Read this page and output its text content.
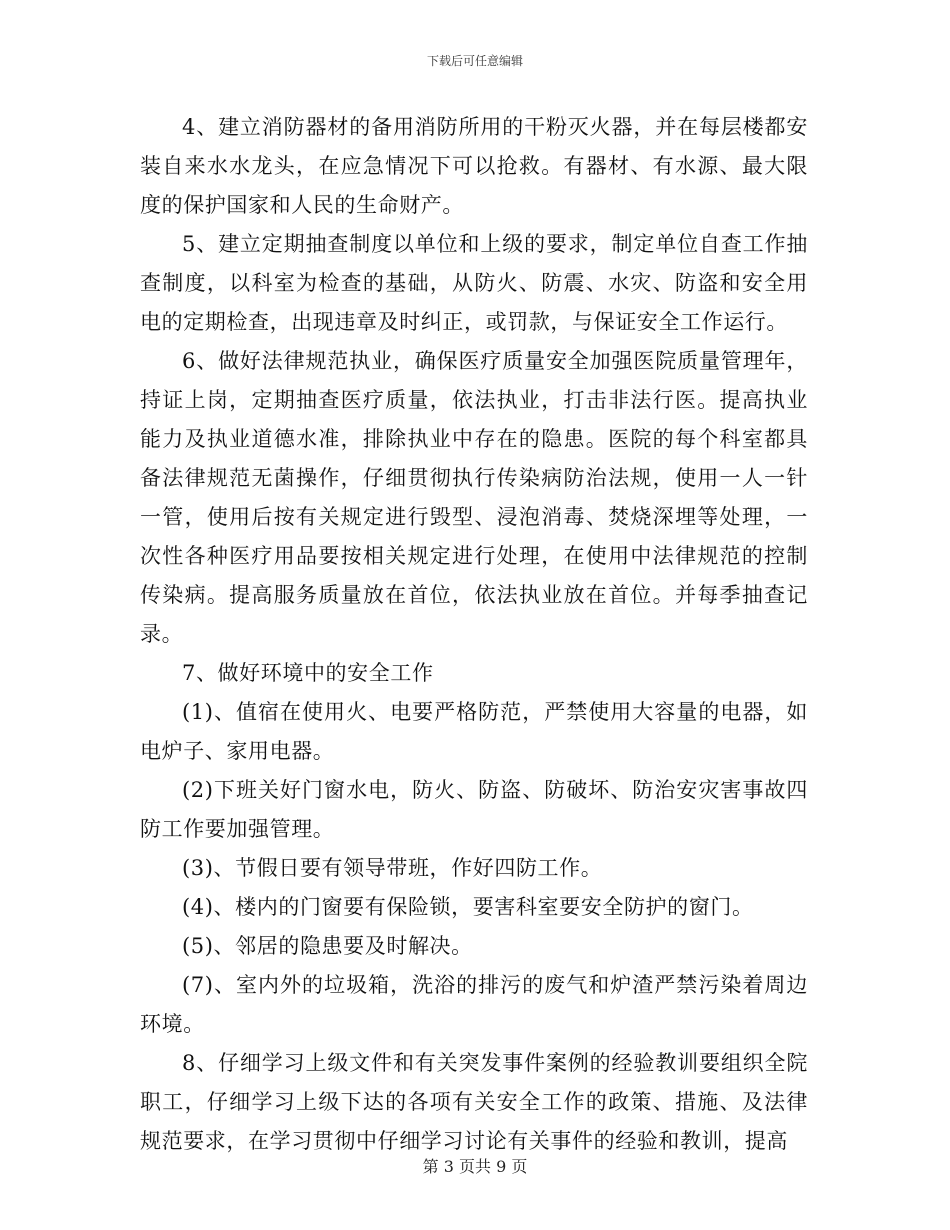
下载后可任意编辑

4、建立消防器材的备用消防所用的干粉灭火器，并在每层楼都安装自来水水龙头，在应急情况下可以抢救。有器材、有水源、最大限度的保护国家和人民的生命财产。

5、建立定期抽查制度以单位和上级的要求，制定单位自查工作抽查制度，以科室为检查的基础，从防火、防震、水灾、防盗和安全用电的定期检查，出现违章及时纠正，或罚款，与保证安全工作运行。

6、做好法律规范执业，确保医疗质量安全加强医院质量管理年，持证上岗，定期抽查医疗质量，依法执业，打击非法行医。提高执业能力及执业道德水准，排除执业中存在的隐患。医院的每个科室都具备法律规范无菌操作，仔细贯彻执行传染病防治法规，使用一人一针一管，使用后按有关规定进行毁型、浸泡消毒、焚烧深埋等处理，一次性各种医疗用品要按相关规定进行处理，在使用中法律规范的控制传染病。提高服务质量放在首位，依法执业放在首位。并每季抽查记录。

7、做好环境中的安全工作

(1)、值宿在使用火、电要严格防范，严禁使用大容量的电器，如电炉子、家用电器。

(2)下班关好门窗水电，防火、防盗、防破坏、防治安灾害事故四防工作要加强管理。

(3)、节假日要有领导带班，作好四防工作。

(4)、楼内的门窗要有保险锁，要害科室要安全防护的窗门。

(5)、邻居的隐患要及时解决。

(7)、室内外的垃圾箱，洗浴的排污的废气和炉渣严禁污染着周边环境。

8、仔细学习上级文件和有关突发事件案例的经验教训要组织全院职工，仔细学习上级下达的各项有关安全工作的政策、措施、及法律规范要求，在学习贯彻中仔细学习讨论有关事件的经验和教训，提高

第 3 页共 9 页
